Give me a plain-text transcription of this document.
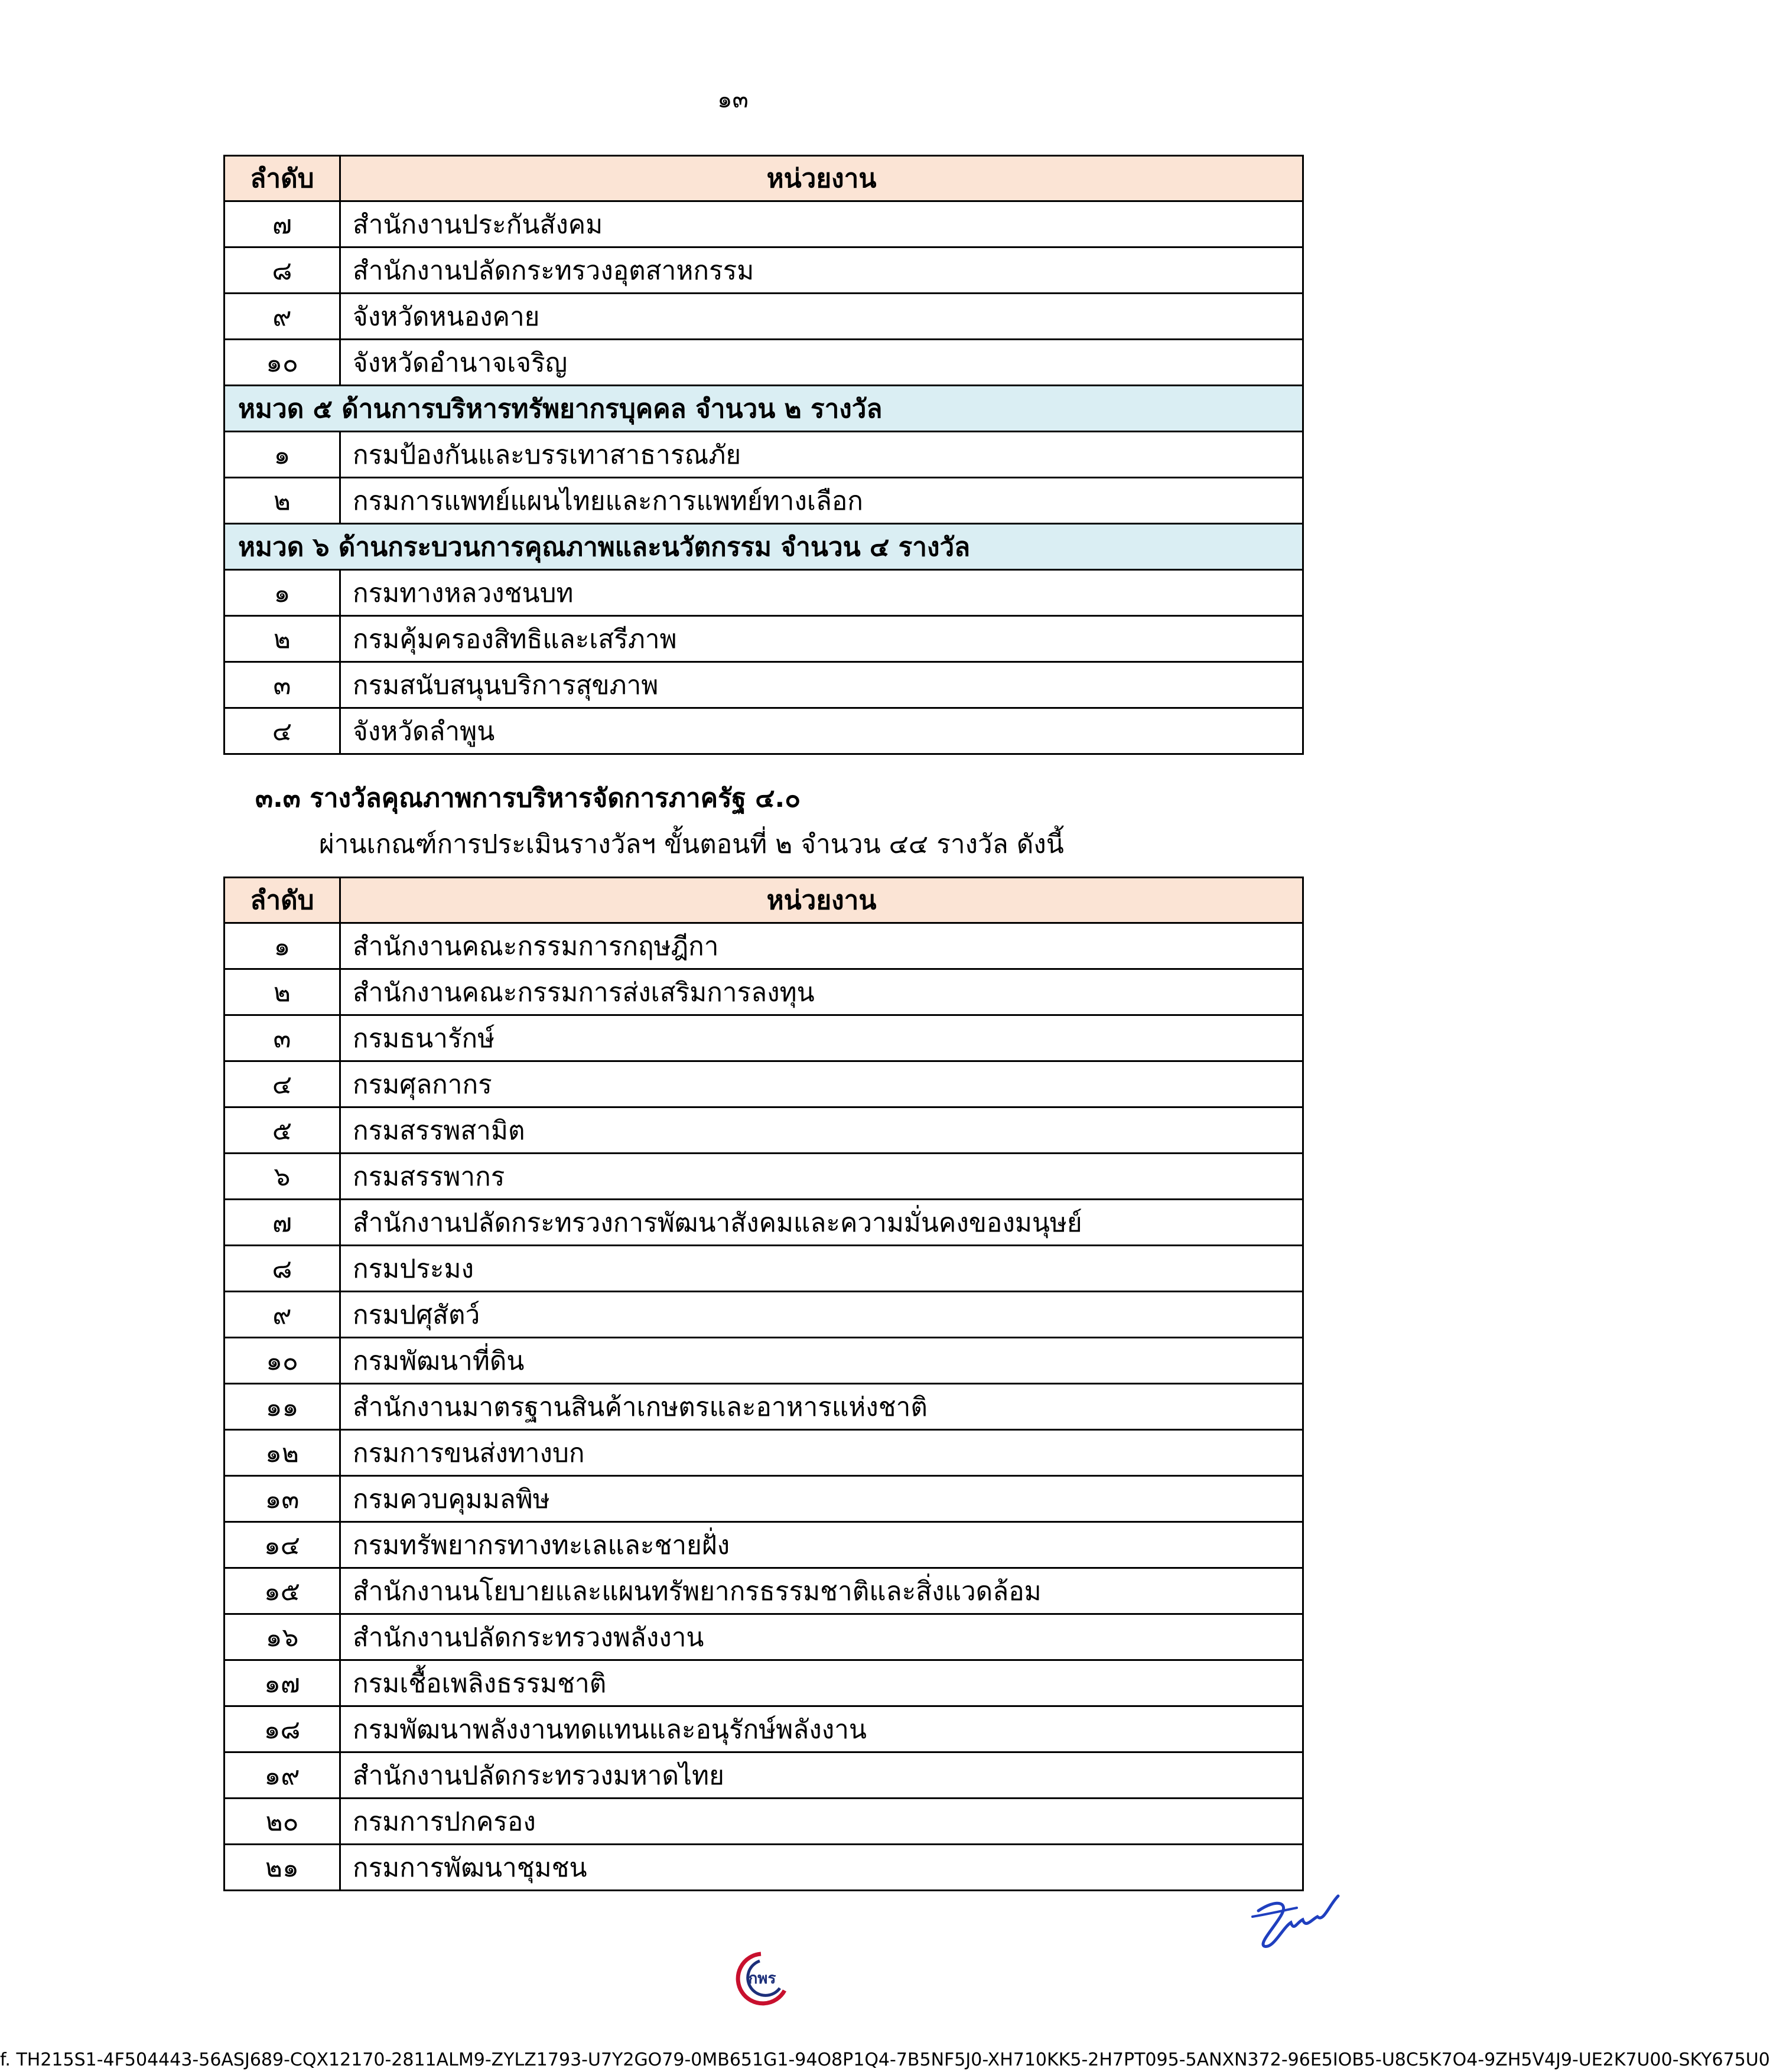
๑๓
ลำดับ	หน่วยงาน
๗	สำนักงานประกันสังคม
๘	สำนักงานปลัดกระทรวงอุตสาหกรรม
๙	จังหวัดหนองคาย
๑๐	จังหวัดอำนาจเจริญ
หมวด ๕ ด้านการบริหารทรัพยากรบุคคล จำนวน ๒ รางวัล	
๑	กรมป้องกันและบรรเทาสาธารณภัย
๒	กรมการแพทย์แผนไทยและการแพทย์ทางเลือก
หมวด ๖ ด้านกระบวนการคุณภาพและนวัตกรรม จำนวน ๔ รางวัล	
๑	กรมทางหลวงชนบท
๒	กรมคุ้มครองสิทธิและเสรีภาพ
๓	กรมสนับสนุนบริการสุขภาพ
๔	จังหวัดลำพูน
๓.๓ รางวัลคุณภาพการบริหารจัดการภาครัฐ ๔.๐
ผ่านเกณฑ์การประเมินรางวัลฯ ขั้นตอนที่ ๒ จำนวน ๔๔ รางวัล ดังนี้
ลำดับ	หน่วยงาน
๑	สำนักงานคณะกรรมการกฤษฎีกา
๒	สำนักงานคณะกรรมการส่งเสริมการลงทุน
๓	กรมธนารักษ์
๔	กรมศุลกากร
๕	กรมสรรพสามิต
๖	กรมสรรพากร
๗	สำนักงานปลัดกระทรวงการพัฒนาสังคมและความมั่นคงของมนุษย์
๘	กรมประมง
๙	กรมปศุสัตว์
๑๐	กรมพัฒนาที่ดิน
๑๑	สำนักงานมาตรฐานสินค้าเกษตรและอาหารแห่งชาติ
๑๒	กรมการขนส่งทางบก
๑๓	กรมควบคุมมลพิษ
๑๔	กรมทรัพยากรทางทะเลและชายฝั่ง
๑๕	สำนักงานนโยบายและแผนทรัพยากรธรรมชาติและสิ่งแวดล้อม
๑๖	สำนักงานปลัดกระทรวงพลังงาน
๑๗	กรมเชื้อเพลิงธรรมชาติ
๑๘	กรมพัฒนาพลังงานทดแทนและอนุรักษ์พลังงาน
๑๙	สำนักงานปลัดกระทรวงมหาดไทย
๒๐	กรมการปกครอง
๒๑	กรมการพัฒนาชุมชน
กพร
f. TH215S1-4F504443-56ASJ689-CQX12170-2811ALM9-ZYLZ1793-U7Y2GO79-0MB651G1-94O8P1Q4-7B5NF5J0-XH710KK5-2H7PT095-5ANXN372-96E5IOB5-U8C5K7O4-9ZH5V4J9-UE2K7U00-SKY675U0
